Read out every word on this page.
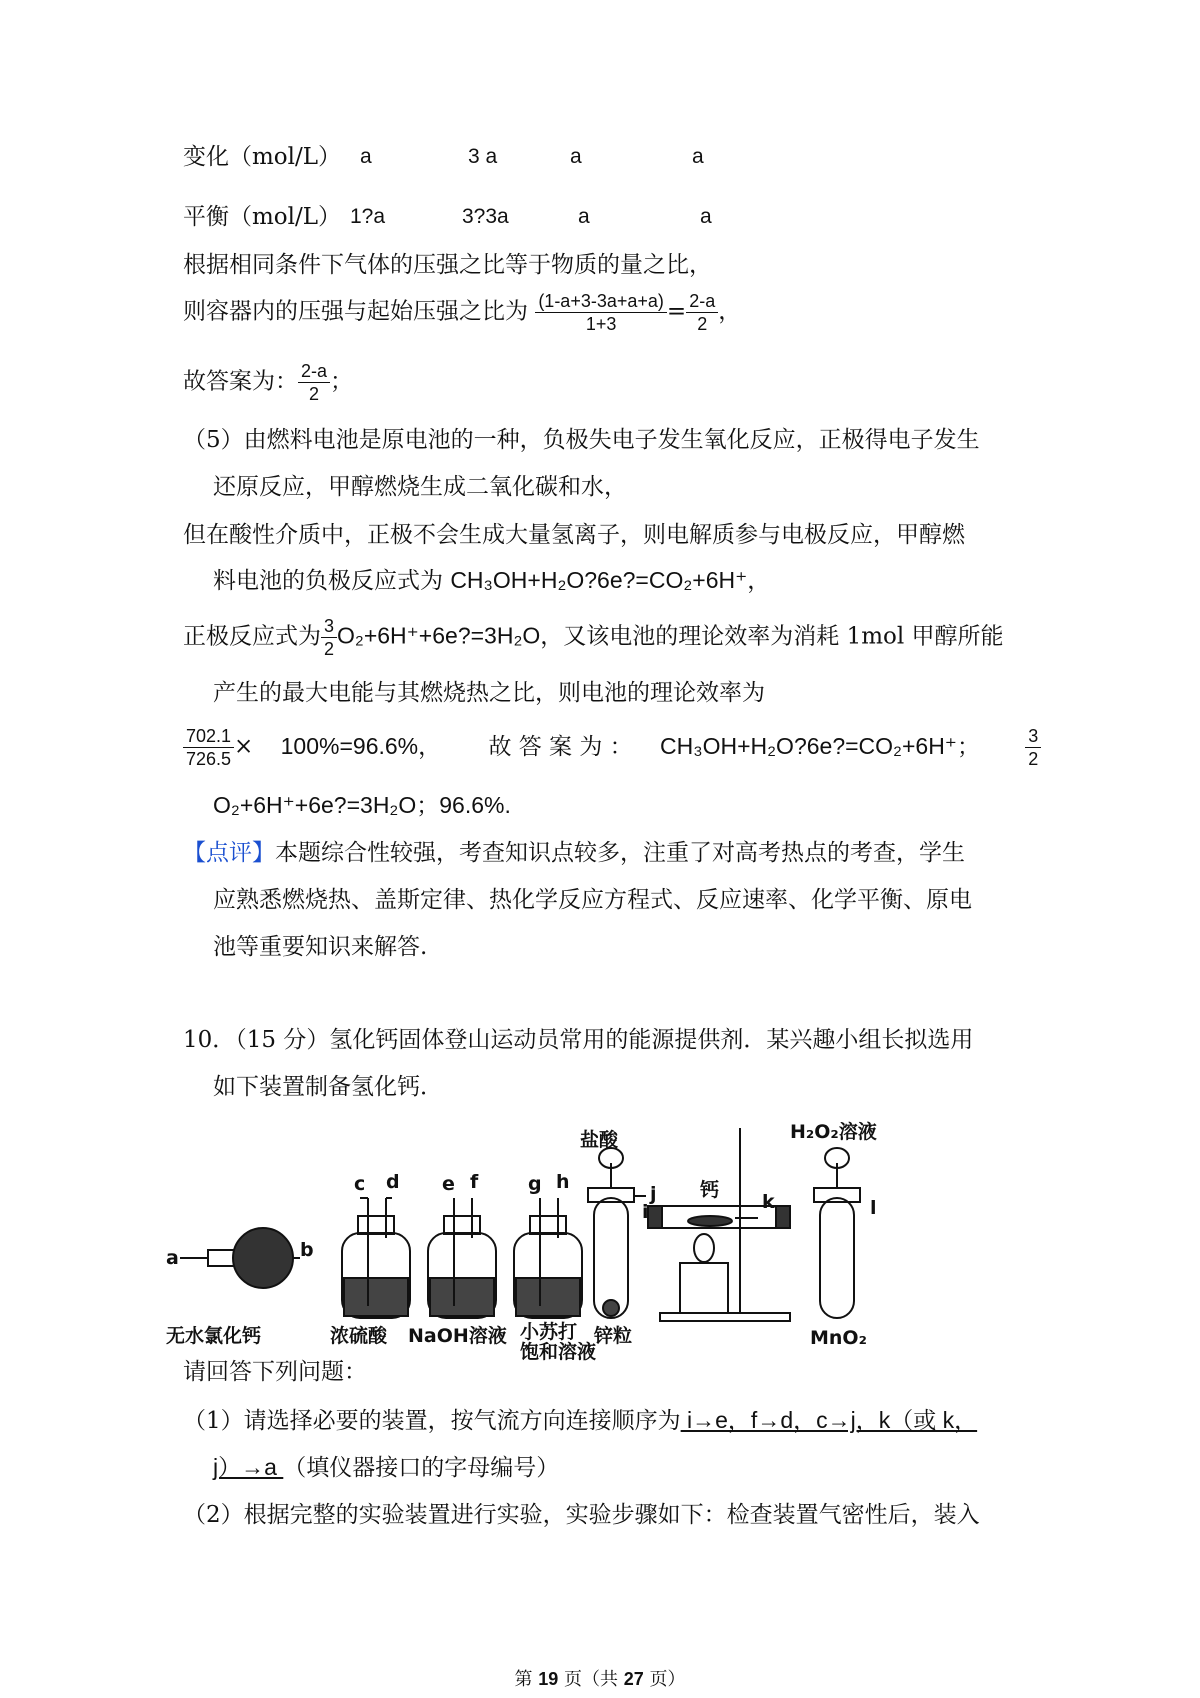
变化（mol/L） a	3 a	a	a
平衡（mol/L） 1?a	3?3a	a	a
根据相同条件下气体的压强之比等于物质的量之比，
则容器内的压强与起始压强之比为 $\frac{(1-a+3-3a+a+a)}{1+3} = \frac{2-a}{2}$ ，
故答案为： $\frac{2-a}{2}$ ；
（5）由燃料电池是原电池的一种，负极失电子发生氧化反应，正极得电子发生
还原反应，甲醇燃烧生成二氧化碳和水，
但在酸性介质中，正极不会生成大量氢离子，则电解质参与电极反应，甲醇燃
料电池的负极反应式为 CH₃OH+H₂O?6e?=CO₂+6H⁺，
正极反应式为 $\frac{3}{2}$ O₂+6H⁺+6e?=3H₂O，又该电池的理论效率为消耗 1mol 甲醇所能
产生的最大电能与其燃烧热之比，则电池的理论效率为
$\frac{702.1}{726.5} \times 100\%=96.6\%$， 故 答 案 为 ： CH₃OH+H₂O?6e?=CO₂+6H⁺；	$\frac{3}{2}$
O₂+6H⁺+6e?=3H₂O；96.6%.
【点评】本题综合性较强，考查知识点较多，注重了对高考热点的考查，学生
应熟悉燃烧热、盖斯定律、热化学反应方程式、反应速率、化学平衡、原电
池等重要知识来解答.
10．（15 分）氢化钙固体登山运动员常用的能源提供剂．某兴趣小组长拟选用
如下装置制备氢化钙．
a	b
c d e f	g h
i
j	k	l
盐酸
钙
H₂O₂溶液
无水氯化钙	浓硫酸 NaOH溶液 小苏打
饱和溶液
锌粒	MnO₂
请回答下列问题：
（1）请选择必要的装置，按气流方向连接顺序为 i→e，f→d，c→j，k（或 k，
j）→a （填仪器接口的字母编号）
（2）根据完整的实验装置进行实验，实验步骤如下：检查装置气密性后，装入
第 19 页（共 27 页）
